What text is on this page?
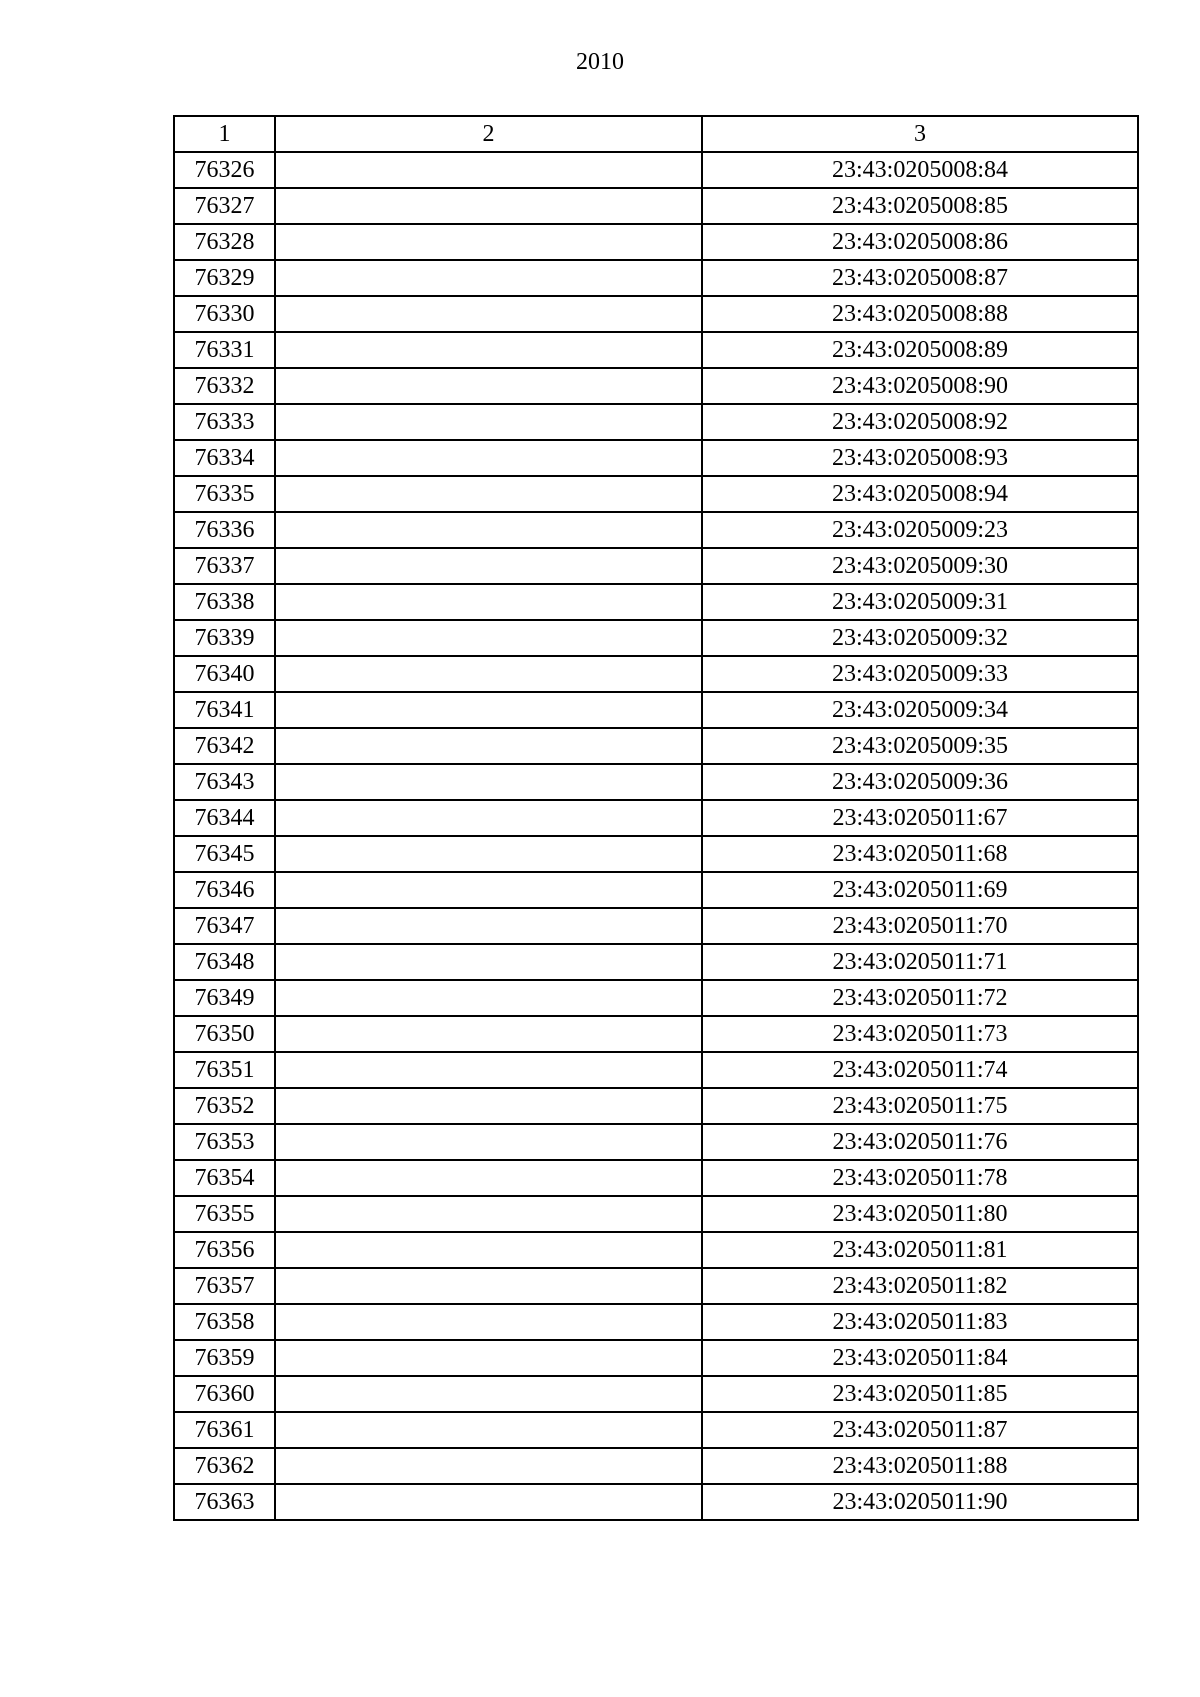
2010
1	2	3
76326		23:43:0205008:84
76327		23:43:0205008:85
76328		23:43:0205008:86
76329		23:43:0205008:87
76330		23:43:0205008:88
76331		23:43:0205008:89
76332		23:43:0205008:90
76333		23:43:0205008:92
76334		23:43:0205008:93
76335		23:43:0205008:94
76336		23:43:0205009:23
76337		23:43:0205009:30
76338		23:43:0205009:31
76339		23:43:0205009:32
76340		23:43:0205009:33
76341		23:43:0205009:34
76342		23:43:0205009:35
76343		23:43:0205009:36
76344		23:43:0205011:67
76345		23:43:0205011:68
76346		23:43:0205011:69
76347		23:43:0205011:70
76348		23:43:0205011:71
76349		23:43:0205011:72
76350		23:43:0205011:73
76351		23:43:0205011:74
76352		23:43:0205011:75
76353		23:43:0205011:76
76354		23:43:0205011:78
76355		23:43:0205011:80
76356		23:43:0205011:81
76357		23:43:0205011:82
76358		23:43:0205011:83
76359		23:43:0205011:84
76360		23:43:0205011:85
76361		23:43:0205011:87
76362		23:43:0205011:88
76363		23:43:0205011:90
